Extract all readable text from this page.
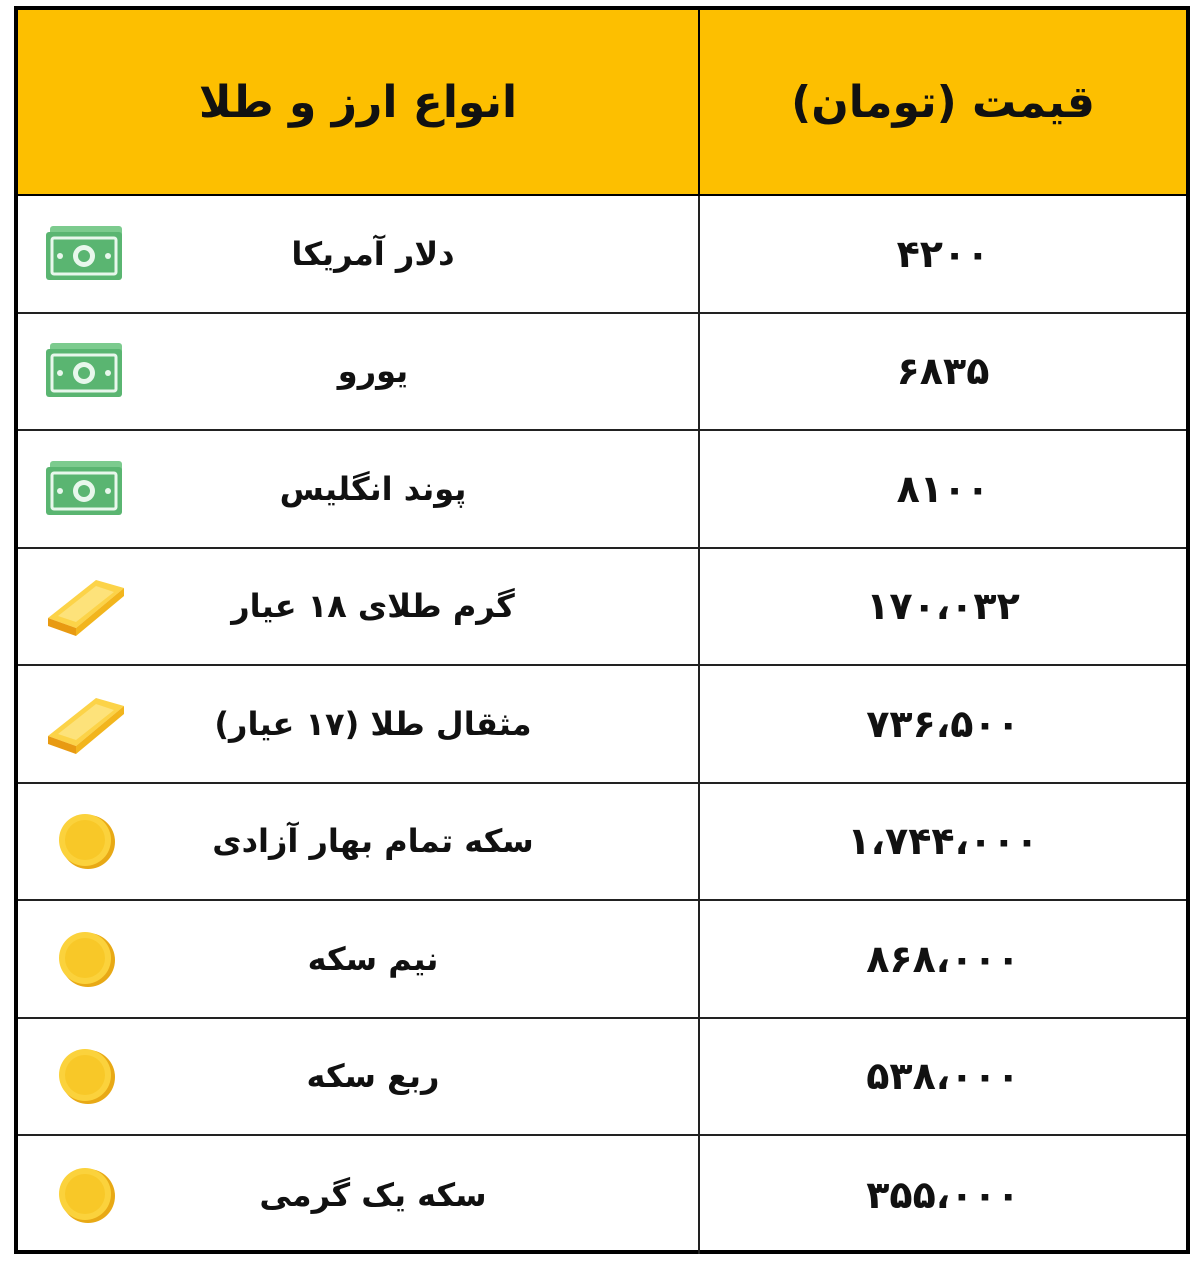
انواع ارز و طلا	قیمت (تومان)
دلار آمریکا	۴۲۰۰
یورو	۶۸۳۵
پوند انگلیس	۸۱۰۰
گرم طلای ۱۸ عیار	۱۷۰،۰۳۲
مثقال طلا (۱۷ عیار)	۷۳۶،۵۰۰
سکه تمام بهار آزادی	۱،۷۴۴،۰۰۰
نیم سکه	۸۶۸،۰۰۰
ربع سکه	۵۳۸،۰۰۰
سکه یک گرمی	۳۵۵،۰۰۰
